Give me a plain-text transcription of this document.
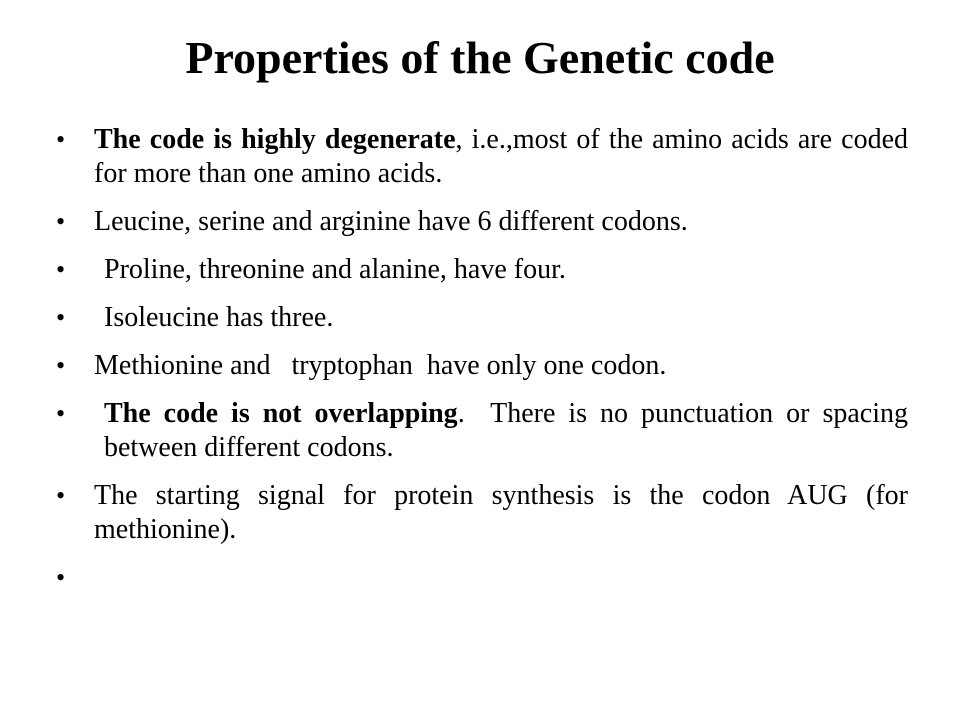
Properties of the Genetic code
• The code is highly degenerate, i.e.,most of the amino acids are coded for more than one amino acids.
• Leucine, serine and arginine have 6 different codons.
•	Proline, threonine and alanine, have four.
•	Isoleucine has three.
• Methionine and   tryptophan  have only one codon.
•	The code is not overlapping.  There is no punctuation or spacing between different codons.
• The starting signal for protein synthesis is the codon AUG (for methionine).
•
